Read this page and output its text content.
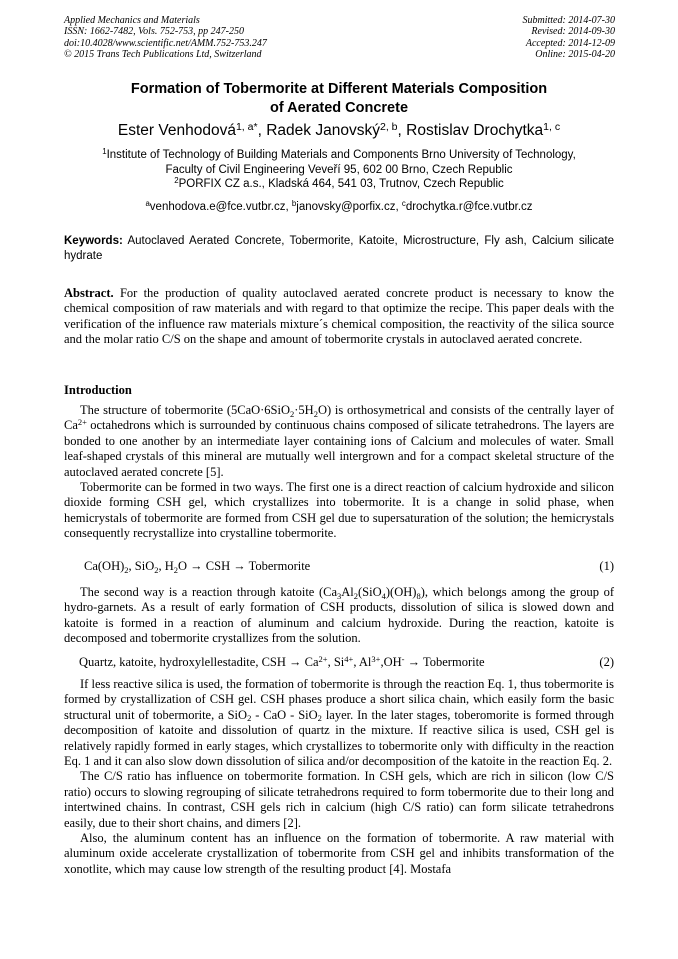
Applied Mechanics and Materials
ISSN: 1662-7482, Vols. 752-753, pp 247-250
doi:10.4028/www.scientific.net/AMM.752-753.247
© 2015 Trans Tech Publications Ltd, Switzerland
Submitted: 2014-07-30
Revised: 2014-09-30
Accepted: 2014-12-09
Online: 2015-04-20
Formation of Tobermorite at Different Materials Composition
of Aerated Concrete
Ester Venhodová$^{1, a*}$, Radek Janovský$^{2, b}$, Rostislav Drochytka$^{1, c}$
$^1$Institute of Technology of Building Materials and Components Brno University of Technology,
Faculty of Civil Engineering Veveří 95, 602 00 Brno, Czech Republic
$^2$PORFIX CZ a.s., Kladská 464, 541 03, Trutnov, Czech Republic
$^a$venhodova.e@fce.vutbr.cz, $^b$janovsky@porfix.cz, $^c$drochytka.r@fce.vutbr.cz
Keywords: Autoclaved Aerated Concrete, Tobermorite, Katoite, Microstructure, Fly ash, Calcium silicate hydrate

Abstract. For the production of quality autoclaved aerated concrete product is necessary to know the chemical composition of raw materials and with regard to that optimize the recipe. This paper deals with the verification of the influence raw materials mixture´s chemical composition, the reactivity of the silica source and the molar ratio C/S on the shape and amount of tobermorite crystals in autoclaved aerated concrete.

Introduction

The structure of tobermorite $(5CaO\cdot 6SiO_2\cdot 5H_2O)$ is orthosymetrical and consists of the centrally layer of $Ca^{2+}$ octahedrons which is surrounded by continuous chains composed of silicate tetrahedrons. The layers are bonded to one another by an intermediate layer containing ions of Calcium and molecules of water. Small leaf-shaped crystals of this mineral are mutually well intergrown and for a compact skeletal structure of the autoclaved aerated concrete [5].

Tobermorite can be formed in two ways. The first one is a direct reaction of calcium hydroxide and silicon dioxide forming CSH gel, which crystallizes into tobermorite. It is a change in solid phase, when hemicrystals of tobermorite are formed from CSH gel due to supersaturation of the solution; the hemicrystals consequently recrystallize into crystalline tobermorite.

$Ca(OH)_2$, SiO$_2$, $H_2O$ → CSH → Tobermorite	(1)

The second way is a reaction through katoite $(Ca_3Al_2(SiO_4)(OH)_8)$, which belongs among the group of hydro-garnets. As a result of early formation of CSH products, dissolution of silica is slowed down and katoite is formed in a reaction of aluminum and calcium hydroxide. During the reaction, katoite is decomposed and tobermorite crystallizes from the solution.

Quartz, katoite, hydroxylellestadite, CSH → $Ca^{2+}$, $Si^{4+}$, $Al^{3+},OH^-$ → Tobermorite	(2)

If less reactive silica is used, the formation of tobermorite is through the reaction Eq. 1, thus tobermorite is formed by crystallization of CSH gel. CSH phases produce a short silica chain, which easily form the basic structural unit of tobermorite, a SiO$_2$ - CaO - SiO$_2$ layer. In the later stages, toberomorite is formed through decomposition of katoite and dissolution of quartz in the mixture. If reactive silica is used, CSH gel is relatively rapidly formed in early stages, which crystallizes to tobermorite only with difficulty in the reaction Eq. 1 and it can also slow down dissolution of silica and/or decomposition of the katoite in the reaction Eq. 2.

The C/S ratio has influence on tobermorite formation. In CSH gels, which are rich in silicon (low C/S ratio) occurs to slowing regrouping of silicate tetrahedrons required to form tobermorite due to their long and intertwined chains. In contrast, CSH gels rich in calcium (high C/S ratio) can form silicate tetrahedrons easily, due to their short chains, and dimers [2].

Also, the aluminum content has an influence on the formation of tobermorite. A raw material with aluminum oxide accelerate crystallization of tobermorite from CSH gel and inhibits transformation of the xonotlite, which may cause low strength of the resulting product [4]. Mostafa
